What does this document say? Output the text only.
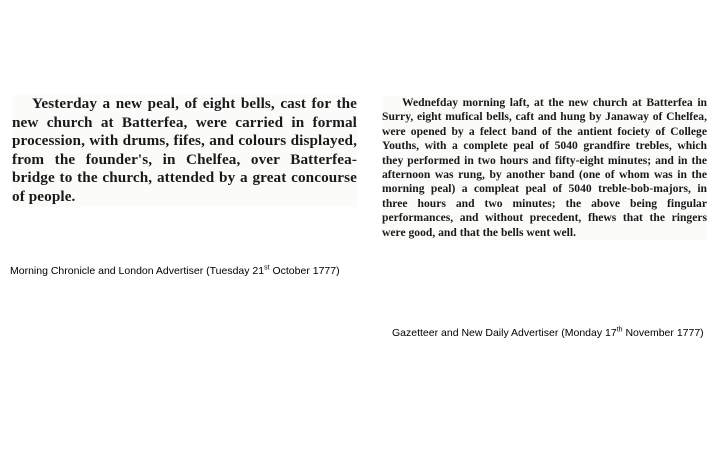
Yesterday a new peal, of eight bells, cast for the new church at Batterfea, were carried in formal procession, with drums, fifes, and colours displayed, from the founder's, in Chelfea, over Batterfea-bridge to the church, attended by a great concourse of people.

Morning Chronicle and London Advertiser (Tuesday 21st October 1777)

Wednefday morning laft, at the new church at Batterfea in Surry, eight mufical bells, caft and hung by Janaway of Chelfea, were opened by a felect band of the antient fociety of College Youths, with a complete peal of 5040 grandfire trebles, which they performed in two hours and fifty-eight minutes; and in the afternoon was rung, by another band (one of whom was in the morning peal) a compleat peal of 5040 treble-bob-majors, in three hours and two minutes; the above being fingular performances, and without precedent, fhews that the ringers were good, and that the bells went well.

Gazetteer and New Daily Advertiser (Monday 17th November 1777)
